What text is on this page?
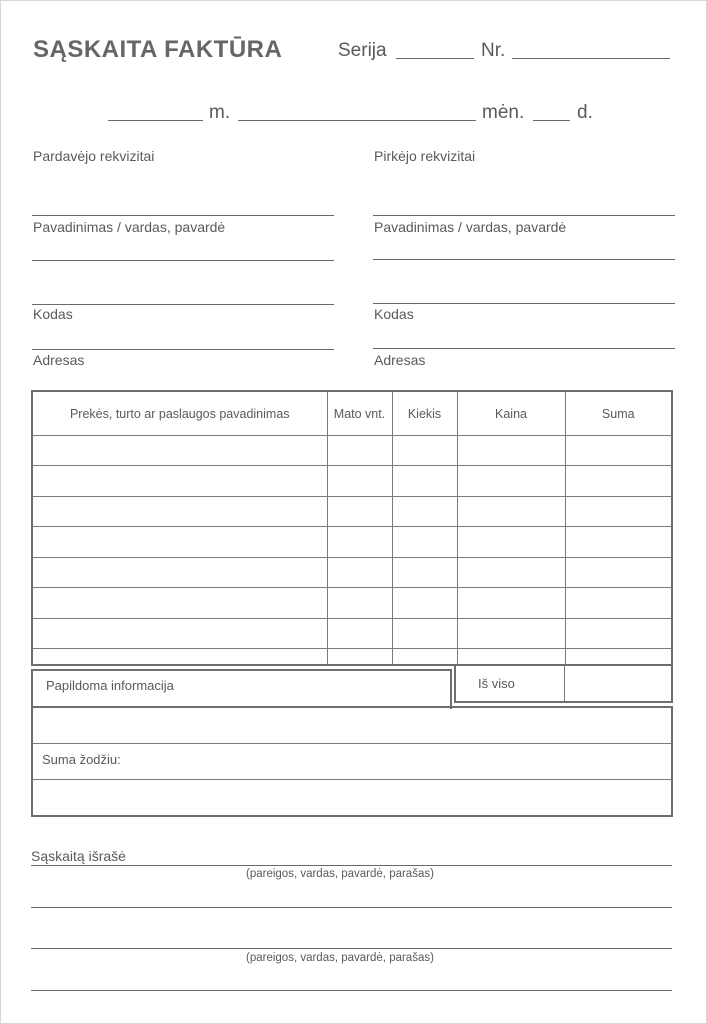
SĄSKAITA FAKTŪRA	Serija	Nr.
m.	mėn.	d.
Pardavėjo rekvizitai
Pavadinimas / vardas, pavardė
Kodas
Adresas
Pirkėjo rekvizitai
Pavadinimas / vardas, pavardė
Kodas
Adresas
Prekės, turto ar paslaugos pavadinimas	Mato vnt.	Kiekis	Kaina	Suma

Papildoma informacija	Iš viso
Suma žodžiu:
Sąskaitą išrašė
(pareigos, vardas, pavardė, parašas)
(pareigos, vardas, pavardė, parašas)
